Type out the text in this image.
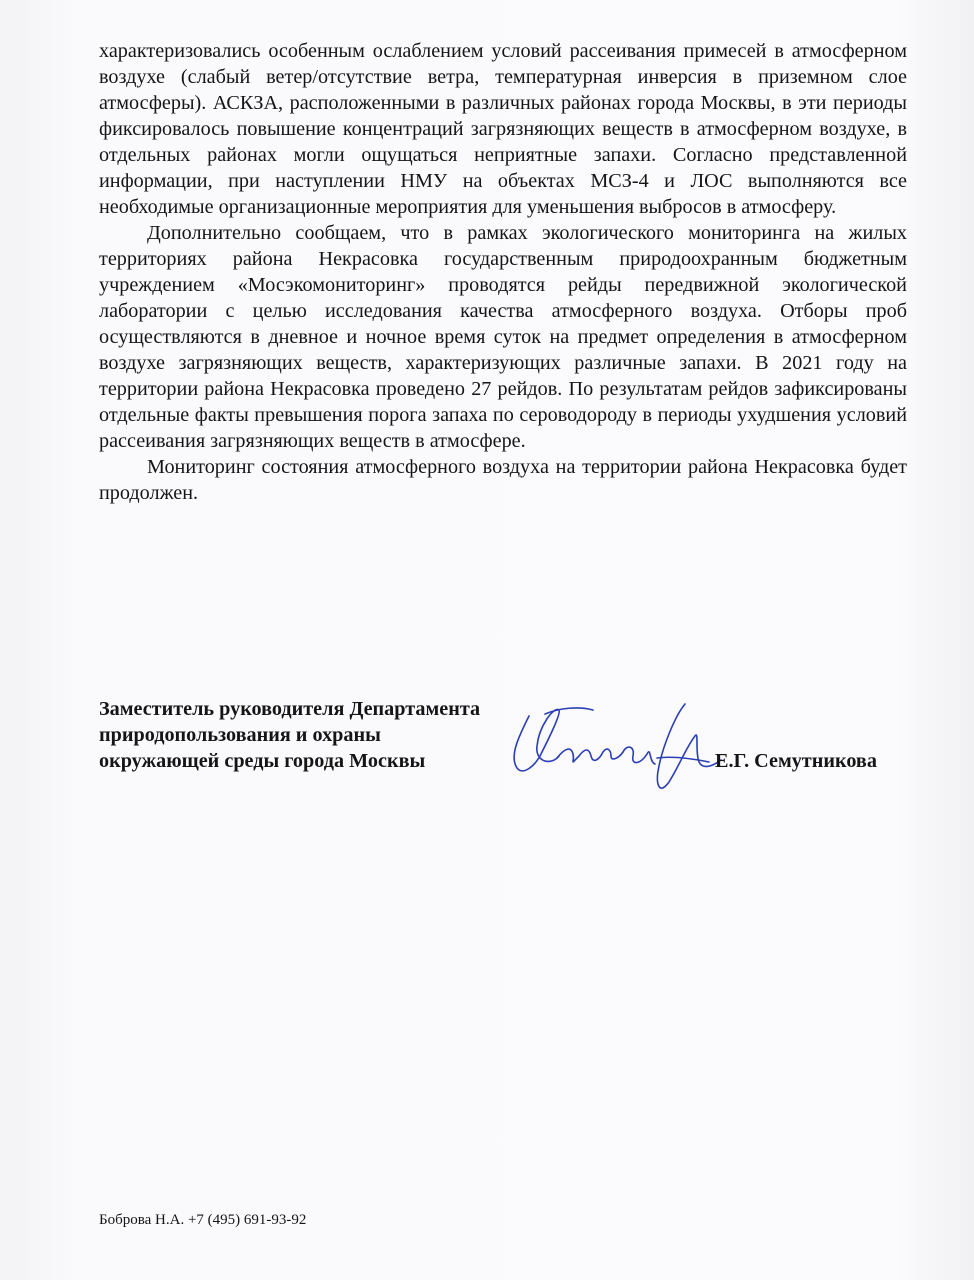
характеризовались особенным ослаблением условий рассеивания примесей в атмосферном воздухе (слабый ветер/отсутствие ветра, температурная инверсия в приземном слое атмосферы). АСКЗА, расположенными в различных районах города Москвы, в эти периоды фиксировалось повышение концентраций загрязняющих веществ в атмосферном воздухе, в отдельных районах могли ощущаться неприятные запахи. Согласно представленной информации, при наступлении НМУ на объектах МСЗ-4 и ЛОС выполняются все необходимые организационные мероприятия для уменьшения выбросов в атмосферу.

Дополнительно сообщаем, что в рамках экологического мониторинга на жилых территориях района Некрасовка государственным природоохранным бюджетным учреждением «Мосэкомониторинг» проводятся рейды передвижной экологической лаборатории с целью исследования качества атмосферного воздуха. Отборы проб осуществляются в дневное и ночное время суток на предмет определения в атмосферном воздухе загрязняющих веществ, характеризующих различные запахи. В 2021 году на территории района Некрасовка проведено 27 рейдов. По результатам рейдов зафиксированы отдельные факты превышения порога запаха по сероводороду в периоды ухудшения условий рассеивания загрязняющих веществ в атмосфере.

Мониторинг состояния атмосферного воздуха на территории района Некрасовка будет продолжен.

Заместитель руководителя Департамента
природопользования и охраны
окружающей среды города Москвы	Е.Г. Семутникова
Боброва Н.А. +7 (495) 691-93-92
